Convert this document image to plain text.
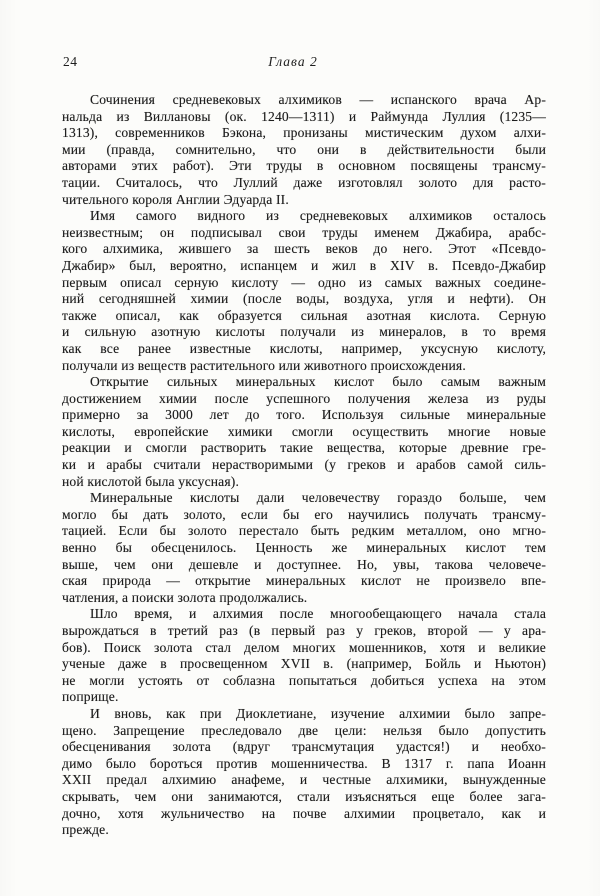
24	Глава 2

Сочинения средневековых алхимиков — испанского врача Ар-
нальда из Виллановы (ок. 1240—1311) и Раймунда Луллия (1235—
1313), современников Бэкона, пронизаны мистическим духом алхи-
мии (правда, сомнительно, что они в действительности были
авторами этих работ). Эти труды в основном посвящены трансму-
тации. Считалось, что Луллий даже изготовлял золото для расто-
чительного короля Англии Эдуарда II.

Имя самого видного из средневековых алхимиков осталось
неизвестным; он подписывал свои труды именем Джабира, арабс-
кого алхимика, жившего за шесть веков до него. Этот «Псевдо-
Джабир» был, вероятно, испанцем и жил в XIV в. Псевдо-Джабир
первым описал серную кислоту — одно из самых важных соедине-
ний сегодняшней химии (после воды, воздуха, угля и нефти). Он
также описал, как образуется сильная азотная кислота. Серную
и сильную азотную кислоты получали из минералов, в то время
как все ранее известные кислоты, например, уксусную кислоту,
получали из веществ растительного или животного происхождения.

Открытие сильных минеральных кислот было самым важным
достижением химии после успешного получения железа из руды
примерно за 3000 лет до того. Используя сильные минеральные
кислоты, европейские химики смогли осуществить многие новые
реакции и смогли растворить такие вещества, которые древние гре-
ки и арабы считали нерастворимыми (у греков и арабов самой силь-
ной кислотой была уксусная).

Минеральные кислоты дали человечеству гораздо больше, чем
могло бы дать золото, если бы его научились получать трансму-
тацией. Если бы золото перестало быть редким металлом, оно мгно-
венно бы обесценилось. Ценность же минеральных кислот тем
выше, чем они дешевле и доступнее. Но, увы, такова человече-
ская природа — открытие минеральных кислот не произвело впе-
чатления, а поиски золота продолжались.

Шло время, и алхимия после многообещающего начала стала
вырождаться в третий раз (в первый раз у греков, второй — у ара-
бов). Поиск золота стал делом многих мошенников, хотя и великие
ученые даже в просвещенном XVII в. (например, Бойль и Ньютон)
не могли устоять от соблазна попытаться добиться успеха на этом
поприще.

И вновь, как при Диоклетиане, изучение алхимии было запре-
щено. Запрещение преследовало две цели: нельзя было допустить
обесценивания золота (вдруг трансмутация удастся!) и необхо-
димо было бороться против мошенничества. В 1317 г. папа Иоанн
XXII предал алхимию анафеме, и честные алхимики, вынужденные
скрывать, чем они занимаются, стали изъясняться еще более зага-
дочно, хотя жульничество на почве алхимии процветало, как и
прежде.
